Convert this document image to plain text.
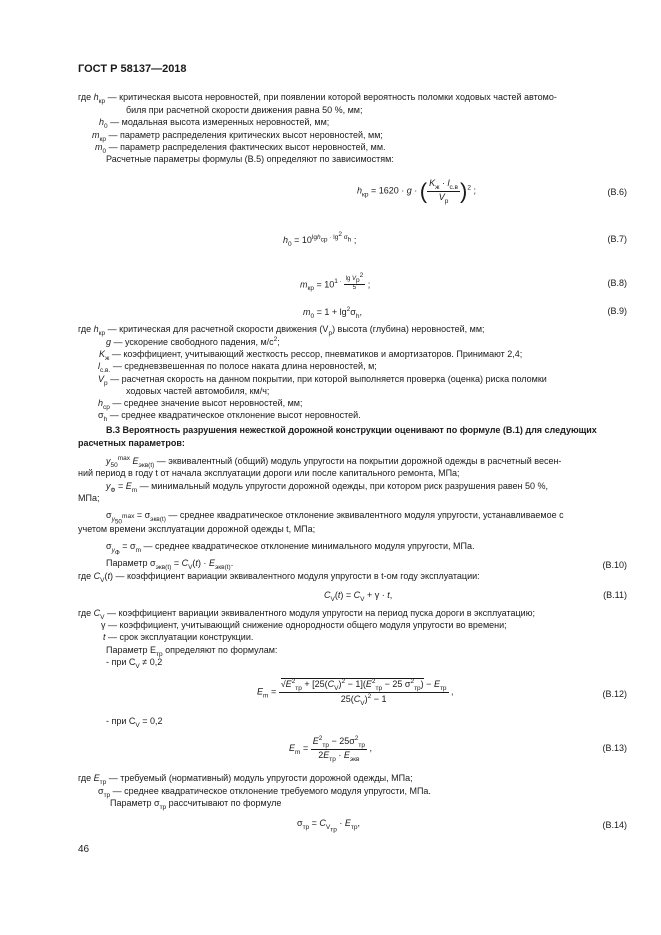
ГОСТ Р 58137—2018
где $h_{кр}$ — критическая высота неровностей, при появлении которой вероятность поломки ходовых частей автомо-
биля при расчетной скорости движения равна 50 %, мм;
$h_0$ — модальная высота измеренных неровностей, мм;
$m_{кр}$ — параметр распределения критических высот неровностей, мм;
$m_0$ — параметр распределения фактических высот неровностей, мм.
Расчетные параметры формулы (В.5) определяют по зависимостям:
$h_{кр} = 1620 \cdot g$ · ( $\frac{K_ж \cdot l_{с.в}}{V_р} )^2$ ;	(В.6)
$h_0 = 10^{lgh_{ср} \cdot lg^2 \sigma_h}$ ;	(В.7)
$m_{кр} = 10^{1 \cdot \frac{\lg V_р^2}{5}}$ ;	(В.8)
$m_0 = 1 + \lg^2\sigma_h$,	(В.9)
где $h_{кр}$ — критическая для расчетной скорости движения $(V_р)$ высота (глубина) неровностей, мм;
g — ускорение свободного падения, $м/с^2$;
$K_ж$ — коэффициент, учитывающий жесткость рессор, пневматиков и амортизаторов. Принимают 2,4;
$l_{с.в.}$ — средневзвешенная по полосе наката длина неровностей, м;
$V_р$ — расчетная скорость на данном покрытии, при которой выполняется проверка (оценка) риска поломки
ходовых частей автомобиля, км/ч;
$h_{ср}$ — среднее значение высот неровностей, мм;
$\sigma_h$ — среднее квадратическое отклонение высот неровностей.
В.3 Вероятность разрушения нежесткой дорожной конструкции оценивают по формуле (В.1) для следующих расчетных параметров:
$y_{50}^{max}$ $E_{экв(t)}$ — эквивалентный (общий) модуль упругости на покрытии дорожной одежды в расчетный весен-
ний период в году t от начала эксплуатации дороги или после капитального ремонта, МПа;
$y_Ф = E_m$ — минимальный модуль упругости дорожной одежды, при котором риск разрушения равен 50 %,
МПа;
$\sigma_{y_{50}^{max}} = \sigma_{экв(t)}$ — среднее квадратическое отклонение эквивалентного модуля упругости, устанавливаемое с
учетом времени эксплуатации дорожной одежды t, МПа;
$\sigma_{y_Ф} = \sigma_m$ — среднее квадратическое отклонение минимального модуля упругости, МПа.
Параметр $\sigma_{экв(t)} = C_V(t) \cdot E_{экв(t)}$.	(В.10)
где $C_V(t)$ — коэффициент вариации эквивалентного модуля упругости в t-ом году эксплуатации:
$C_V(t) = C_V + \gamma \cdot t$,	(В.11)
где $C_V$ — коэффициент вариации эквивалентного модуля упругости на период пуска дороги в эксплуатацию;
γ — коэффициент, учитывающий снижение однородности общего модуля упругости во времени;
t — срок эксплуатации конструкции.
Параметр $E_{тр}$ определяют по формулам:
- при $C_V \ne 0,2$
$E_m = \frac{√E^2_{тр} + [25(C_V)^2 - 1](E^2_{тр} - 25 \sigma^2_{тр}) - E_{тр}}{25(C_V)^2 - 1}$ ,	(В.12)
- при $C_V = 0,2$
$E_m = \frac{E^2_{тр} - 25\sigma^2_{тр}}{2E_{тр} \cdot E_{экв}}$ ,	(В.13)
где $E_{тр}$ — требуемый (нормативный) модуль упругости дорожной одежды, МПа;
$\sigma_{тр}$ — среднее квадратическое отклонение требуемого модуля упругости, МПа.
Параметр $\sigma_{тр}$ рассчитывают по формуле
$\sigma_{тр} = C_{V_{тр}} \cdot E_{тр}$,	(В.14)
46
